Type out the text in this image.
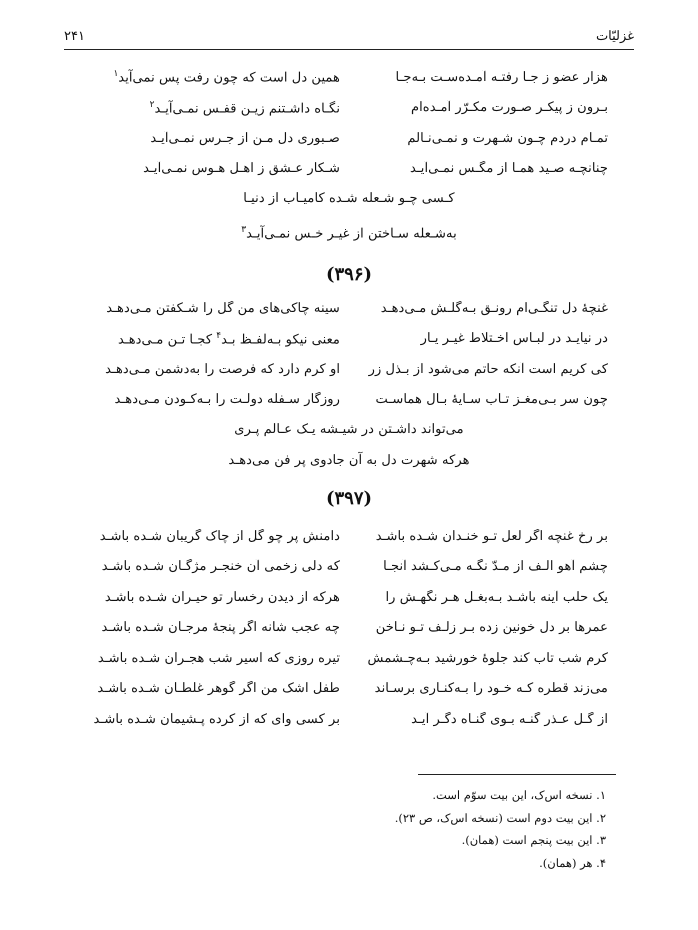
۲۴۱	غزلیّات
هزار عضو ز جـا رفتـه آمـده‌سـت بـه‌جـا
همین دل است که چون رفت پس نمی‌آید$^۱$
بـرون ز پیکـر صـورت مکـرّر آمـده‌ام
نگـاه داشـتنم زیـن قفـس نمـی‌آیـد$^۲$
تمـام دردم چـون شـهرت و نمـی‌نـالم
صـبوری دل مـن از جـرس نمـی‌آیـد
چنانچـه صـید همـا از مگـس نمـی‌آیـد
شـکار عـشق ز اهـل هـوس نمـی‌آیـد
کـسی چـو شـعله شـده کامیـاب از دنیـا
به‌شـعله سـاختن از غیـر خـس نمـی‌آیـد$^۳$
(۳۹۶)
غنچۀ دل تنگـی‌ام رونـق بـه‌گلـش مـی‌دهـد
سینه چاکی‌های من گل را شـکفتن مـی‌دهـد
در نیایـد در لبـاس اخـتلاط غیـر یـار
معنی نیکو بـه‌لفـظ بـد$^۴$ کجـا تـن مـی‌دهـد
کی کریم است آنکه حاتم می‌شود از بـذل زر
او کرم دارد که فرصت را به‌دشمن مـی‌دهـد
چون سر بـی‌مغـز تـاب سـایۀ بـال هماسـت
روزگار سـفله دولـت را بـه‌کـودن مـی‌دهـد
می‌تواند داشـتن در شیـشه یـک عـالم پـری
هرکه شهرت دل به آن جادوی پر فن می‌دهـد
(۳۹۷)
بر رخ غنچه اگر لعل تـو خنـدان شـده باشـد
دامنش پر چو گل از چاک گریبان شـده باشـد
چشم آهو الـف از مـدّ نگـه مـی‌کـشد آنجـا
که دلی زخمی آن خنجـر مژگـان شـده باشـد
یک حلب آینه باشـد بـه‌بغـل هـر نگهـش را
هرکه از دیدن رخسار تو حیـران شـده باشـد
عمرها بر دل خونین زده بـر زلـف تـو نـاخن
چه عجب شانه اگر پنجۀ مرجـان شـده باشـد
کرم شب تاب کند جلوۀ خورشید بـه‌چـشمش
تیره روزی که اسیر شب هجـران شـده باشـد
می‌زند قطره کـه خـود را بـه‌کنـاری برسـاند
طفل اشک من اگر گوهر غلطـان شـده باشـد
از گـل عـذر گنـه بـوی گنـاه دگـر آیـد
بر کسی وای که از کرده پـشیمان شـده باشـد
۱. نسخه اس‌ک، این بیت سوّم است.
۲. این بیت دوم است (نسخه اس‌ک، ص ۲۳).
۳. این بیت پنجم است (همان).
۴. هر (همان).
